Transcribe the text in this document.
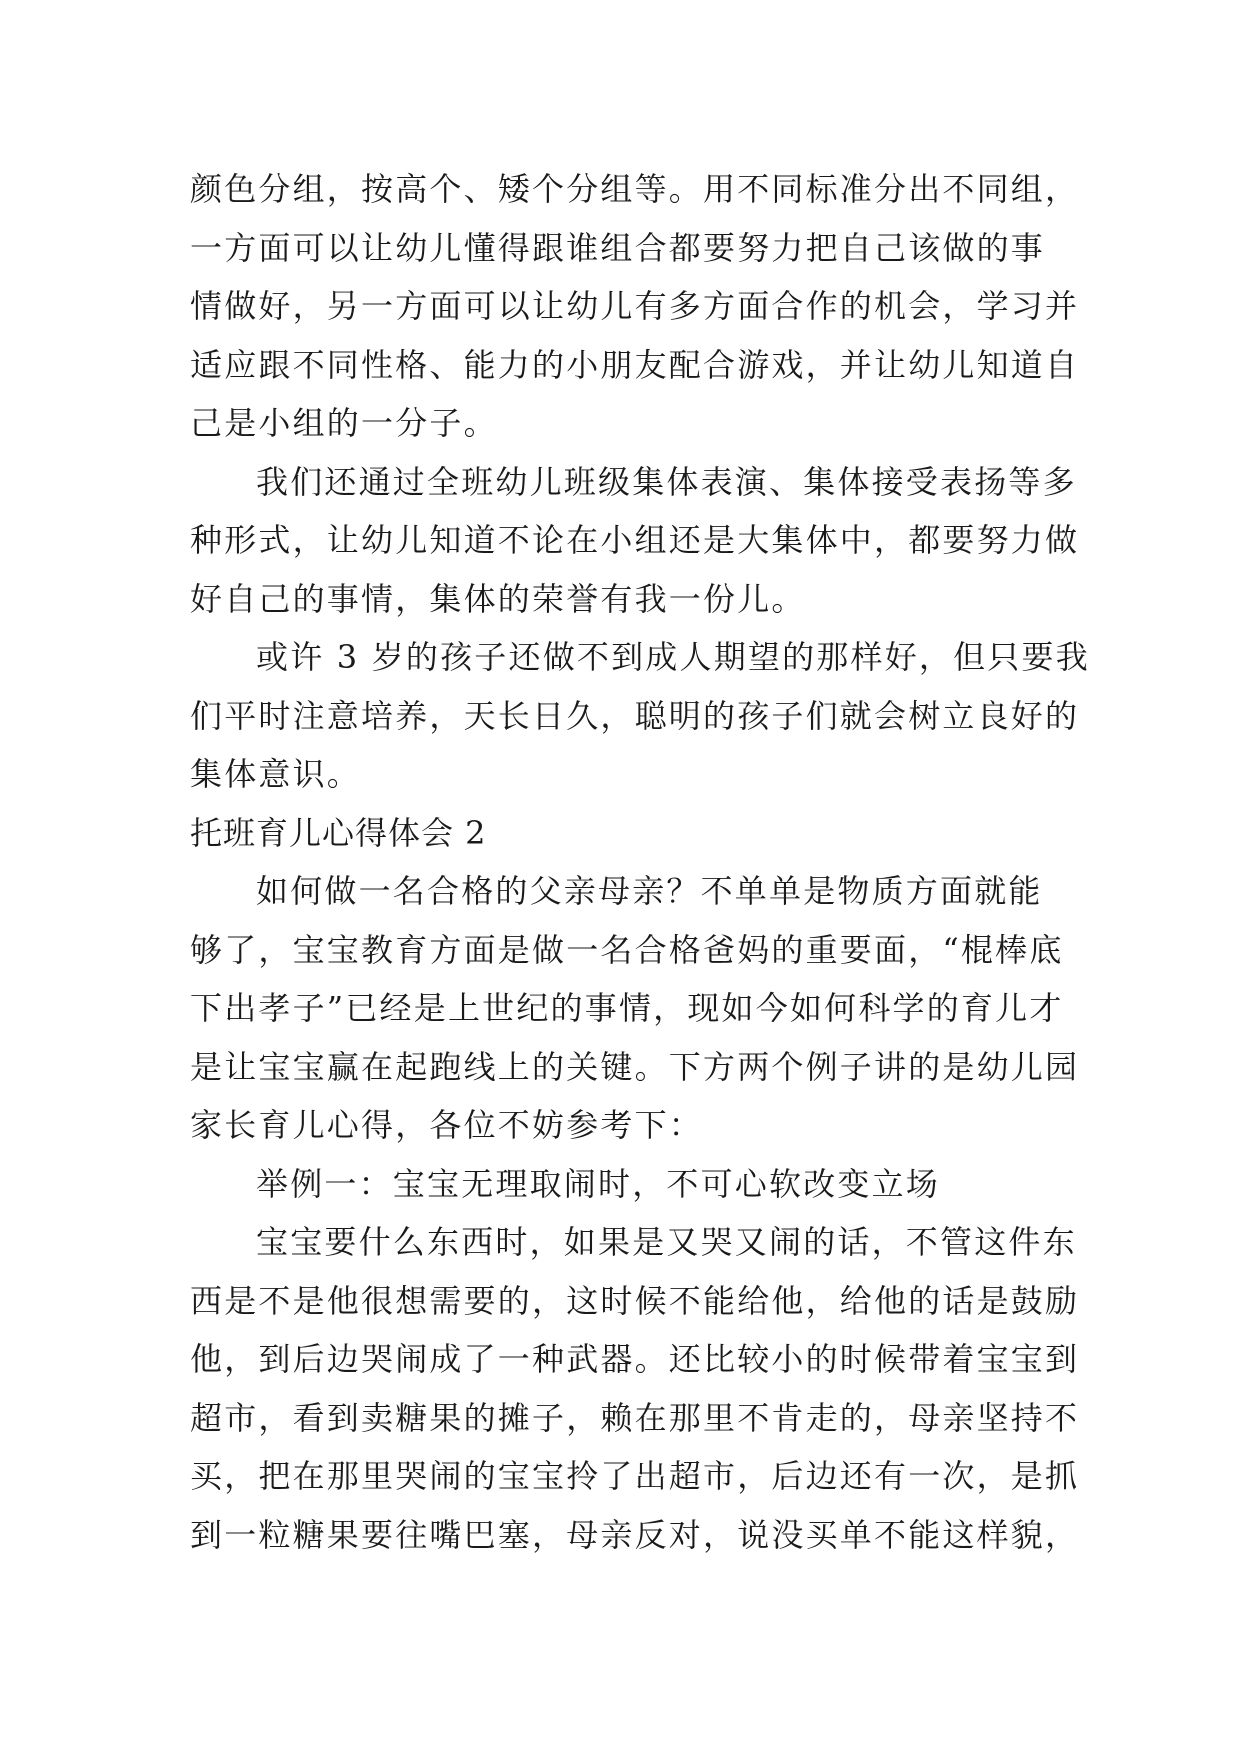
颜色分组，按高个、矮个分组等。用不同标准分出不同组，
一方面可以让幼儿懂得跟谁组合都要努力把自己该做的事
情做好，另一方面可以让幼儿有多方面合作的机会，学习并
适应跟不同性格、能力的小朋友配合游戏，并让幼儿知道自
己是小组的一分子。
我们还通过全班幼儿班级集体表演、集体接受表扬等多
种形式，让幼儿知道不论在小组还是大集体中，都要努力做
好自己的事情，集体的荣誉有我一份儿。
或许 3 岁的孩子还做不到成人期望的那样好，但只要我
们平时注意培养，天长日久，聪明的孩子们就会树立良好的
集体意识。
托班育儿心得体会 2
如何做一名合格的父亲母亲？不单单是物质方面就能
够了，宝宝教育方面是做一名合格爸妈的重要面，“棍棒底
下出孝子”已经是上世纪的事情，现如今如何科学的育儿才
是让宝宝赢在起跑线上的关键。下方两个例子讲的是幼儿园
家长育儿心得，各位不妨参考下：
举例一：宝宝无理取闹时，不可心软改变立场
宝宝要什么东西时，如果是又哭又闹的话，不管这件东
西是不是他很想需要的，这时候不能给他，给他的话是鼓励
他，到后边哭闹成了一种武器。还比较小的时候带着宝宝到
超市，看到卖糖果的摊子，赖在那里不肯走的，母亲坚持不
买，把在那里哭闹的宝宝拎了出超市，后边还有一次，是抓
到一粒糖果要往嘴巴塞，母亲反对，说没买单不能这样貌，
